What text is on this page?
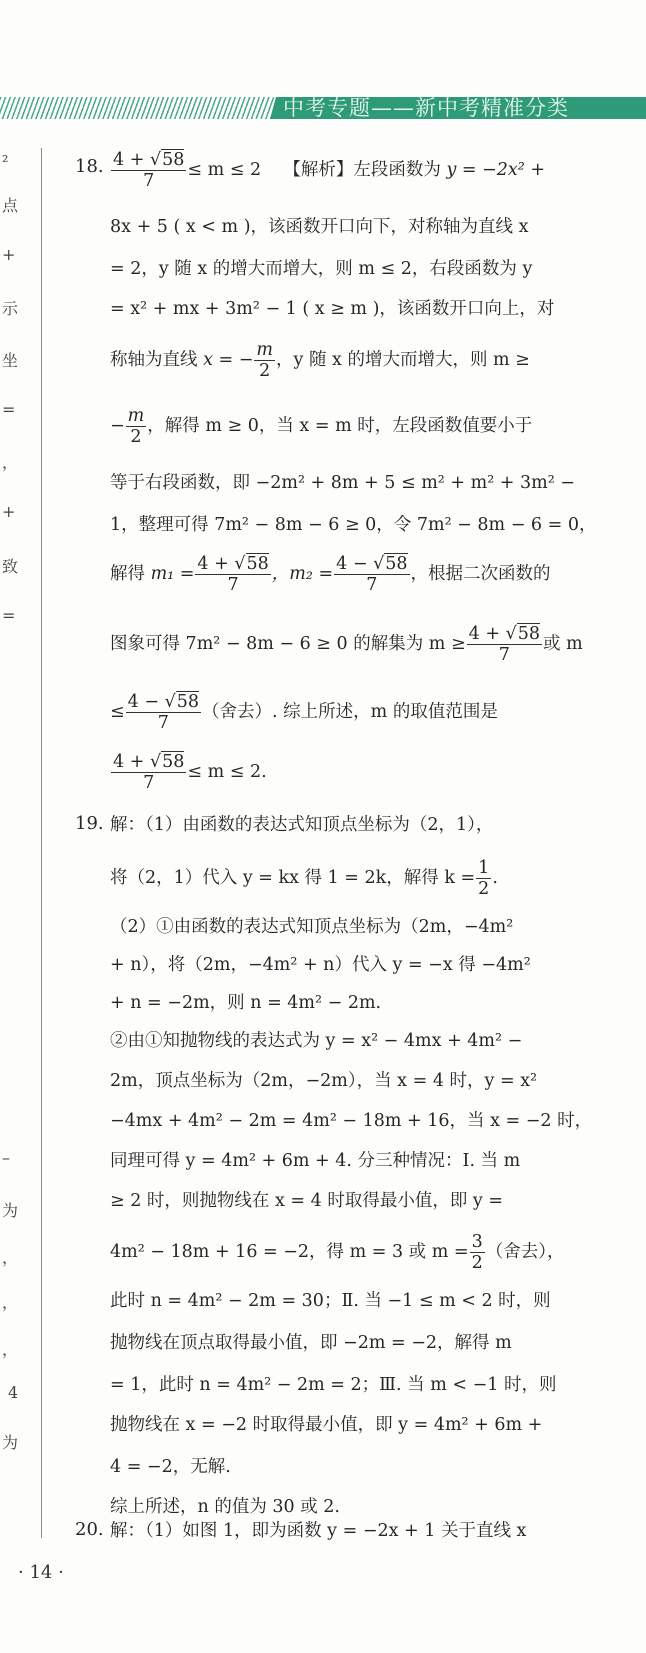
中考专题——新中考精准分类
²
点
+
示
坐
=
，
+
致
=
–
为
，
，
，
4
为
18. $\frac{4 + √58}{7} \le m \le 2$ 【解析】左段函数为 y = −2x² +
8x + 5 ( x < m )，该函数开口向下，对称轴为直线 x
= 2，y 随 x 的增大而增大，则 m ≤ 2，右段函数为 y
= x² + mx + 3m² − 1 ( x ≥ m )，该函数开口向上，对
称轴为直线 x = − $\frac{m}{2}$ ，y 随 x 的增大而增大，则 m ≥
− $\frac{m}{2}$ ，解得 m ≥ 0，当 x = m 时，左段函数值要小于
等于右段函数，即 −2m² + 8m + 5 ≤ m² + m² + 3m² −
1，整理可得 7m² − 8m − 6 ≥ 0，令 7m² − 8m − 6 = 0，
解得 $m_1 = \frac{4 + √58}{7}$ ，$m_2 = \frac{4 - √58}{7}$ ，根据二次函数的
图象可得 7m² − 8m − 6 ≥ 0 的解集为 $m \ge \frac{4 + √58}{7}$ 或 m
≤ $\frac{4 - √58}{7}$ （舍去）. 综上所述，m 的取值范围是
$\frac{4 + √58}{7} \le m \le 2$.
19. 解：（1）由函数的表达式知顶点坐标为（2，1），
将（2，1）代入 y = kx 得 1 = 2k，解得 $k = \frac{1}{2}$ .
（2）①由函数的表达式知顶点坐标为（2m，−4m²
+ n），将（2m，−4m² + n）代入 y = −x 得 −4m²
+ n = −2m，则 n = 4m² − 2m.
②由①知抛物线的表达式为 y = x² − 4mx + 4m² −
2m，顶点坐标为（2m，−2m），当 x = 4 时，y = x²
−4mx + 4m² − 2m = 4m² − 18m + 16，当 x = −2 时，
同理可得 y = 4m² + 6m + 4. 分三种情况：Ⅰ. 当 m
≥ 2 时，则抛物线在 x = 4 时取得最小值，即 y =
4m² − 18m + 16 = −2，得 m = 3 或 $m = \frac{3}{2}$ （舍去），
此时 n = 4m² − 2m = 30；Ⅱ. 当 −1 ≤ m < 2 时，则
抛物线在顶点取得最小值，即 −2m = −2，解得 m
= 1，此时 n = 4m² − 2m = 2；Ⅲ. 当 m < −1 时，则
抛物线在 x = −2 时取得最小值，即 y = 4m² + 6m +
4 = −2，无解.
综上所述，n 的值为 30 或 2.
20. 解：（1）如图 1，即为函数 y = −2x + 1 关于直线 x
· 14 ·
